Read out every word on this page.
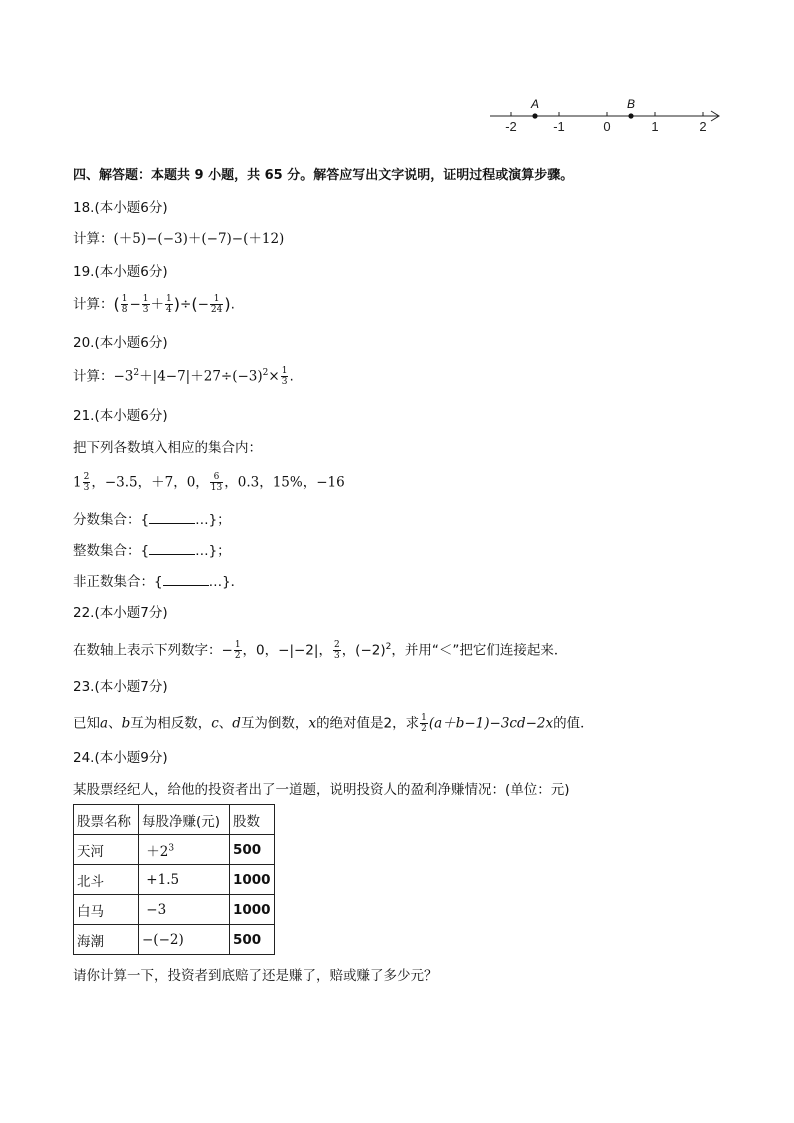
-2	-1	0	1	2
A	B
四、解答题：本题共 9 小题，共 65 分。解答应写出文字说明，证明过程或演算步骤。
18.(本小题6分)
计算：(＋5)−(−3)＋(−7)−(＋12)
19.(本小题6分)
计算：( $\frac{1}{8} - \frac{1}{3} + \frac{1}{4}$ )÷(− $\frac{1}{24}$ ).
20.(本小题6分)
计算：$-3^2+|4-7|+27\div(-3)^2\times \frac{1}{3}$ .
21.(本小题6分)
把下列各数填入相应的集合内：
$1 \frac{2}{3}$ ，−3.5，＋7，0， $\frac{6}{13}$ ，0.3，15%，−16
分数集合：{	…}；
整数集合：{	…}；
非正数集合：{	…}．
22.(本小题7分)
在数轴上表示下列数字：− $\frac{1}{2}$ ，0，−|−2|， $\frac{2}{3}$ ，$(-2)^2$，并用“＜”把它们连接起来．
23.(本小题7分)
已知a、b互为相反数，c、d互为倒数，x的绝对值是2，求 $\frac{1}{2} (a+b-1)-3cd-2x$的值．
24.(本小题9分)
某股票经纪人，给他的投资者出了一道题，说明投资人的盈利净赚情况：(单位：元)
股票名称	每股净赚(元)	股数
天河	$+2^3$	500
北斗	+1.5	1000
白马	−3	1000
海潮	−(−2)	500
请你计算一下，投资者到底赔了还是赚了，赔或赚了多少元？
